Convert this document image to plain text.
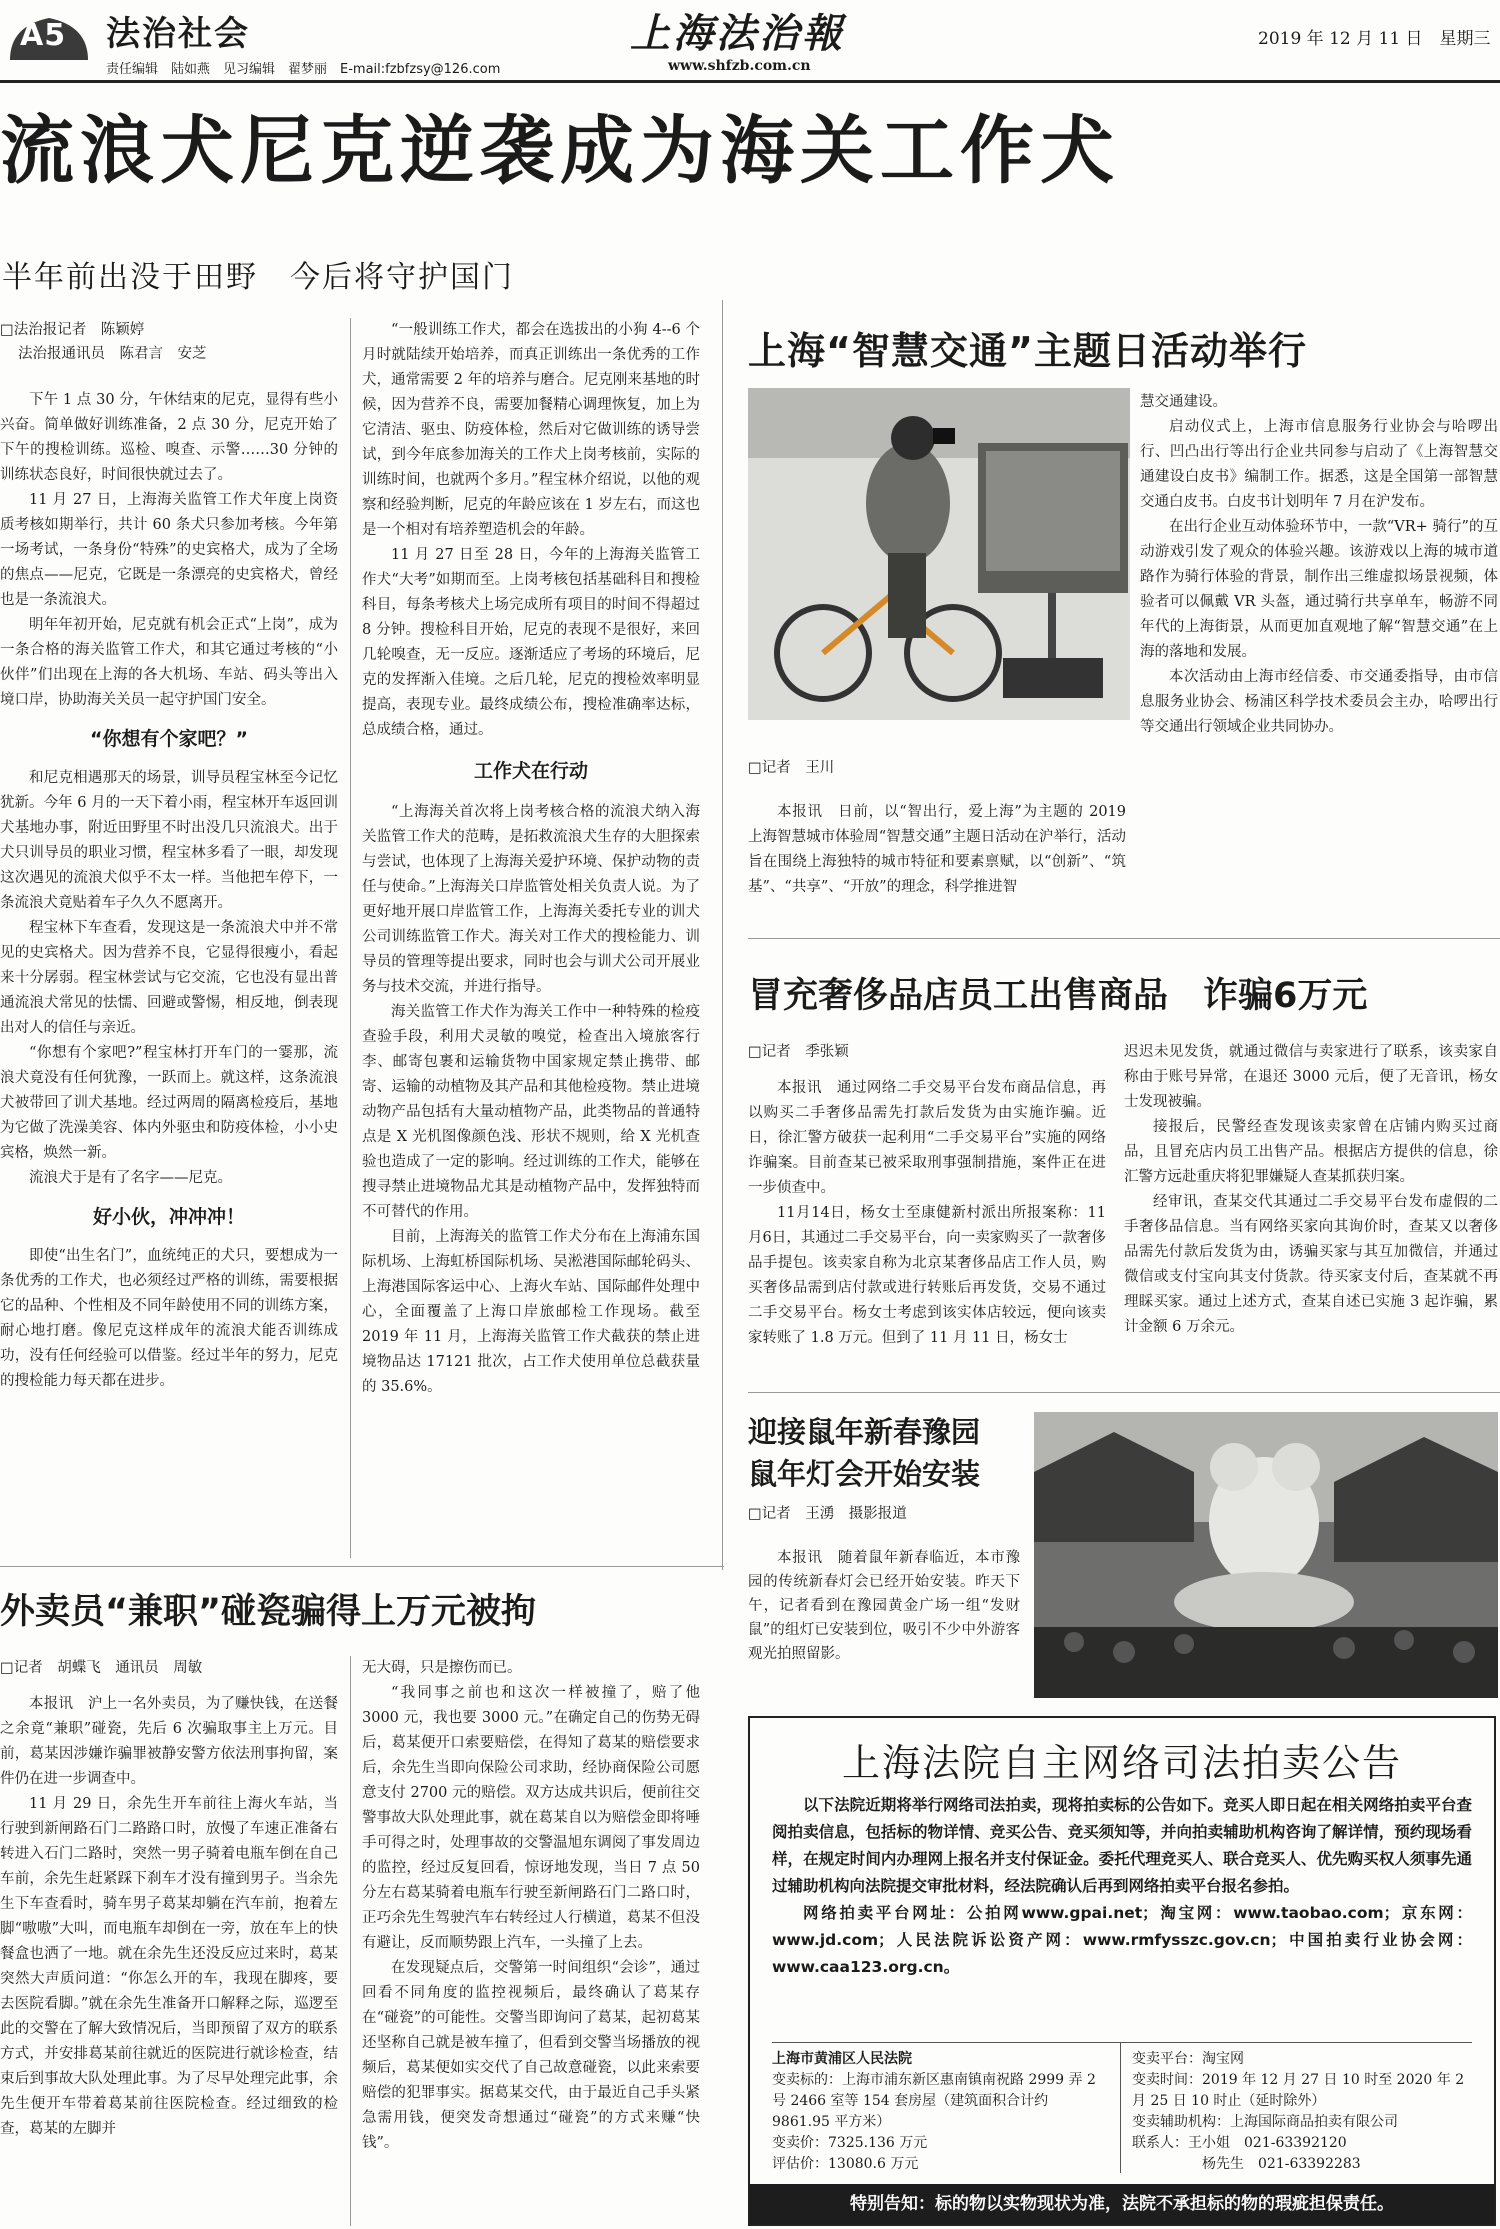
A5 法治社会
责任编辑　陆如燕　见习编辑　翟梦丽　E-mail:fzbfzsy@126.com
上海法治報
www.shfzb.com.cn
2019 年 12 月 11 日　星期三
流浪犬尼克逆袭成为海关工作犬
半年前出没于田野　今后将守护国门
□法治报记者　陈颖婷
法治报通讯员　陈君言　安芝

下午 1 点 30 分，午休结束的尼克，显得有些小兴奋。简单做好训练准备，2 点 30 分，尼克开始了下午的搜检训练。巡检、嗅查、示警……30 分钟的训练状态良好，时间很快就过去了。

11 月 27 日，上海海关监管工作犬年度上岗资质考核如期举行，共计 60 条犬只参加考核。今年第一场考试，一条身份“特殊”的史宾格犬，成为了全场的焦点——尼克，它既是一条漂亮的史宾格犬，曾经也是一条流浪犬。

明年年初开始，尼克就有机会正式“上岗”，成为一条合格的海关监管工作犬，和其它通过考核的“小伙伴”们出现在上海的各大机场、车站、码头等出入境口岸，协助海关关员一起守护国门安全。

“你想有个家吧？”

和尼克相遇那天的场景，训导员程宝林至今记忆犹新。今年 6 月的一天下着小雨，程宝林开车返回训犬基地办事，附近田野里不时出没几只流浪犬。出于犬只训导员的职业习惯，程宝林多看了一眼，却发现这次遇见的流浪犬似乎不太一样。当他把车停下，一条流浪犬竟贴着车子久久不愿离开。

程宝林下车查看，发现这是一条流浪犬中并不常见的史宾格犬。因为营养不良，它显得很瘦小，看起来十分孱弱。程宝林尝试与它交流，它也没有显出普通流浪犬常见的怯懦、回避或警惕，相反地，倒表现出对人的信任与亲近。

“你想有个家吧?”程宝林打开车门的一霎那，流浪犬竟没有任何犹豫，一跃而上。就这样，这条流浪犬被带回了训犬基地。经过两周的隔离检疫后，基地为它做了洗澡美容、体内外驱虫和防疫体检，小小史宾格，焕然一新。

流浪犬于是有了名字——尼克。

好小伙，冲冲冲！

即使“出生名门”，血统纯正的犬只，要想成为一条优秀的工作犬，也必须经过严格的训练，需要根据它的品种、个性相及不同年龄使用不同的训练方案，耐心地打磨。像尼克这样成年的流浪犬能否训练成功，没有任何经验可以借鉴。经过半年的努力，尼克的搜检能力每天都在进步。

“一般训练工作犬，都会在选拔出的小狗 4--6 个月时就陆续开始培养，而真正训练出一条优秀的工作犬，通常需要 2 年的培养与磨合。尼克刚来基地的时候，因为营养不良，需要加餐精心调理恢复，加上为它清洁、驱虫、防疫体检，然后对它做训练的诱导尝试，到今年底参加海关的工作犬上岗考核前，实际的训练时间，也就两个多月。”程宝林介绍说，以他的观察和经验判断，尼克的年龄应该在 1 岁左右，而这也是一个相对有培养塑造机会的年龄。

11 月 27 日至 28 日，今年的上海海关监管工作犬“大考”如期而至。上岗考核包括基础科目和搜检科目，每条考核犬上场完成所有项目的时间不得超过 8 分钟。搜检科目开始，尼克的表现不是很好，来回几轮嗅查，无一反应。逐渐适应了考场的环境后，尼克的发挥渐入佳境。之后几轮，尼克的搜检效率明显提高，表现专业。最终成绩公布，搜检准确率达标，总成绩合格，通过。

工作犬在行动

“上海海关首次将上岗考核合格的流浪犬纳入海关监管工作犬的范畴，是拓救流浪犬生存的大胆探索与尝试，也体现了上海海关爱护环境、保护动物的责任与使命。”上海海关口岸监管处相关负责人说。为了更好地开展口岸监管工作，上海海关委托专业的训犬公司训练监管工作犬。海关对工作犬的搜检能力、训导员的管理等提出要求，同时也会与训犬公司开展业务与技术交流，并进行指导。

海关监管工作犬作为海关工作中一种特殊的检疫查验手段，利用犬灵敏的嗅觉，检查出入境旅客行李、邮寄包裹和运输货物中国家规定禁止携带、邮寄、运输的动植物及其产品和其他检疫物。禁止进境动物产品包括有大量动植物产品，此类物品的普通特点是 X 光机图像颜色浅、形状不规则，给 X 光机查验也造成了一定的影响。经过训练的工作犬，能够在搜寻禁止进境物品尤其是动植物产品中，发挥独特而不可替代的作用。

目前，上海海关的监管工作犬分布在上海浦东国际机场、上海虹桥国际机场、吴淞港国际邮轮码头、上海港国际客运中心、上海火车站、国际邮件处理中心，全面覆盖了上海口岸旅邮检工作现场。截至 2019 年 11 月，上海海关监管工作犬截获的禁止进境物品达 17121 批次，占工作犬使用单位总截获量的 35.6%。

上海“智慧交通”主题日活动举行
□记者　王川

本报讯　日前，以“智出行，爱上海”为主题的 2019 上海智慧城市体验周“智慧交通”主题日活动在沪举行，活动旨在围绕上海独特的城市特征和要素禀赋，以“创新”、“筑基”、“共享”、“开放”的理念，科学推进智

慧交通建设。

启动仪式上，上海市信息服务行业协会与哈啰出行、凹凸出行等出行企业共同参与启动了《上海智慧交通建设白皮书》编制工作。据悉，这是全国第一部智慧交通白皮书。白皮书计划明年 7 月在沪发布。

在出行企业互动体验环节中，一款“VR+ 骑行”的互动游戏引发了观众的体验兴趣。该游戏以上海的城市道路作为骑行体验的背景，制作出三维虚拟场景视频，体验者可以佩戴 VR 头盔，通过骑行共享单车，畅游不同年代的上海街景，从而更加直观地了解“智慧交通”在上海的落地和发展。

本次活动由上海市经信委、市交通委指导，由市信息服务业协会、杨浦区科学技术委员会主办，哈啰出行等交通出行领域企业共同协办。

冒充奢侈品店员工出售商品　诈骗6万元
□记者　季张颖

本报讯　通过网络二手交易平台发布商品信息，再以购买二手奢侈品需先打款后发货为由实施诈骗。近日，徐汇警方破获一起利用“二手交易平台”实施的网络诈骗案。目前查某已被采取刑事强制措施，案件正在进一步侦查中。

11月14日，杨女士至康健新村派出所报案称：11月6日，其通过二手交易平台，向一卖家购买了一款奢侈品手提包。该卖家自称为北京某奢侈品店工作人员，购买奢侈品需到店付款或进行转账后再发货，交易不通过二手交易平台。杨女士考虑到该实体店较远，便向该卖家转账了 1.8 万元。但到了 11 月 11 日，杨女士

迟迟未见发货，就通过微信与卖家进行了联系，该卖家自称由于账号异常，在退还 3000 元后，便了无音讯，杨女士发现被骗。

接报后，民警经查发现该卖家曾在店铺内购买过商品，且冒充店内员工出售产品。根据店方提供的信息，徐汇警方远赴重庆将犯罪嫌疑人查某抓获归案。

经审讯，查某交代其通过二手交易平台发布虚假的二手奢侈品信息。当有网络买家向其询价时，查某又以奢侈品需先付款后发货为由，诱骗买家与其互加微信，并通过微信或支付宝向其支付货款。待买家支付后，查某就不再理睬买家。通过上述方式，查某自述已实施 3 起诈骗，累计金额 6 万余元。

迎接鼠年新春豫园
鼠年灯会开始安装
□记者　王湧　摄影报道

本报讯　随着鼠年新春临近，本市豫园的传统新春灯会已经开始安装。昨天下午，记者看到在豫园黄金广场一组“发财鼠”的组灯已安装到位，吸引不少中外游客观光拍照留影。

外卖员“兼职”碰瓷骗得上万元被拘
□记者　胡蝶飞　通讯员　周敏

本报讯　沪上一名外卖员，为了赚快钱，在送餐之余竟“兼职”碰瓷，先后 6 次骗取事主上万元。目前，葛某因涉嫌诈骗罪被静安警方依法刑事拘留，案件仍在进一步调查中。

11 月 29 日，余先生开车前往上海火车站，当行驶到新闸路石门二路路口时，放慢了车速正准备右转进入石门二路时，突然一男子骑着电瓶车倒在自己车前，余先生赶紧踩下刹车才没有撞到男子。当余先生下车查看时，骑车男子葛某却躺在汽车前，抱着左脚“嗷嗷”大叫，而电瓶车却倒在一旁，放在车上的快餐盒也洒了一地。就在余先生还没反应过来时，葛某突然大声质问道：“你怎么开的车，我现在脚疼，要去医院看脚。”就在余先生准备开口解释之际，巡逻至此的交警在了解大致情况后，当即预留了双方的联系方式，并安排葛某前往就近的医院进行就诊检查，结束后到事故大队处理此事。为了尽早处理完此事，余先生便开车带着葛某前往医院检查。经过细致的检查，葛某的左脚并

无大碍，只是擦伤而已。

“我同事之前也和这次一样被撞了，赔了他 3000 元，我也要 3000 元。”在确定自己的伤势无碍后，葛某便开口索要赔偿，在得知了葛某的赔偿要求后，余先生当即向保险公司求助，经协商保险公司愿意支付 2700 元的赔偿。双方达成共识后，便前往交警事故大队处理此事，就在葛某自以为赔偿金即将唾手可得之时，处理事故的交警温旭东调阅了事发周边的监控，经过反复回看，惊讶地发现，当日 7 点 50 分左右葛某骑着电瓶车行驶至新闸路石门二路口时，正巧余先生驾驶汽车右转经过人行横道，葛某不但没有避让，反而顺势跟上汽车，一头撞了上去。

在发现疑点后，交警第一时间组织“会诊”，通过回看不同角度的监控视频后，最终确认了葛某存在“碰瓷”的可能性。交警当即询问了葛某，起初葛某还坚称自己就是被车撞了，但看到交警当场播放的视频后，葛某便如实交代了自己故意碰瓷，以此来索要赔偿的犯罪事实。据葛某交代，由于最近自己手头紧急需用钱，便突发奇想通过“碰瓷”的方式来赚“快钱”。

上海法院自主网络司法拍卖公告

以下法院近期将举行网络司法拍卖，现将拍卖标的公告如下。竞买人即日起在相关网络拍卖平台查阅拍卖信息，包括标的物详情、竞买公告、竞买须知等，并向拍卖辅助机构咨询了解详情，预约现场看样，在规定时间内办理网上报名并支付保证金。委托代理竞买人、联合竞买人、优先购买权人须事先通过辅助机构向法院提交审批材料，经法院确认后再到网络拍卖平台报名参拍。

网络拍卖平台网址：公拍网www.gpai.net；淘宝网：www.taobao.com；京东网：www.jd.com；人民法院诉讼资产网：www.rmfysszc.gov.cn；中国拍卖行业协会网：www.caa123.org.cn。

上海市黄浦区人民法院
变卖标的：上海市浦东新区惠南镇南祝路 2999 弄 2 号 2466 室等 154 套房屋（建筑面积合计约 9861.95 平方米）
变卖价：7325.136 万元
评估价：13080.6 万元
变卖平台：淘宝网
变卖时间：2019 年 12 月 27 日 10 时至 2020 年 2 月 25 日 10 时止（延时除外）
变卖辅助机构：上海国际商品拍卖有限公司
联系人：王小姐　021-63392120
杨先生　021-63392283
特别告知：标的物以实物现状为准，法院不承担标的物的瑕疵担保责任。
